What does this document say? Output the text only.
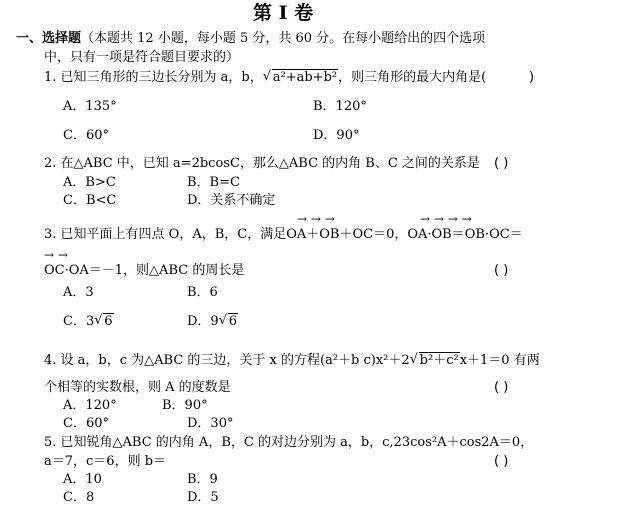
第 I 卷
一、选择题（本题共 12 小题，每小题 5 分，共 60 分。在每小题给出的四个选项
中，只有一项是符合题目要求的）
1. 已知三角形的三边长分别为 a，b， √ a²+ab+b²，则三角形的最大内角是(	)
A．135°	B．120°
C．60°	D．90°
2. 在△ABC 中，已知 a=2bcosC，那么△ABC 的内角 B、C 之间的关系是 ( )
A．B>C	B．B=C
C．B<C	D．关系不确定
→ → →	→ → → →
3. 已知平面上有四点 O，A，B，C，满足OA＋OB＋OC＝0，OA·OB＝OB·OC＝
→ →
OC·OA＝－1，则△ABC 的周长是	( )
A．3	B．6
C．3 √ 6	D．9 √ 6
4. 设 a，b，c 为△ABC 的三边，关于 x 的方程(a²＋b c)x²＋2 √ b²＋c²x＋1＝0 有两
个相等的实数根，则 A 的度数是	( )
A．120°	B．90°
C．60°	D．30°
5. 已知锐角△ABC 的内角 A，B，C 的对边分别为 a，b，c,23cos²A＋cos2A＝0，
a＝7，c＝6，则 b＝	( )
A．10	B．9
C．8	D．5
